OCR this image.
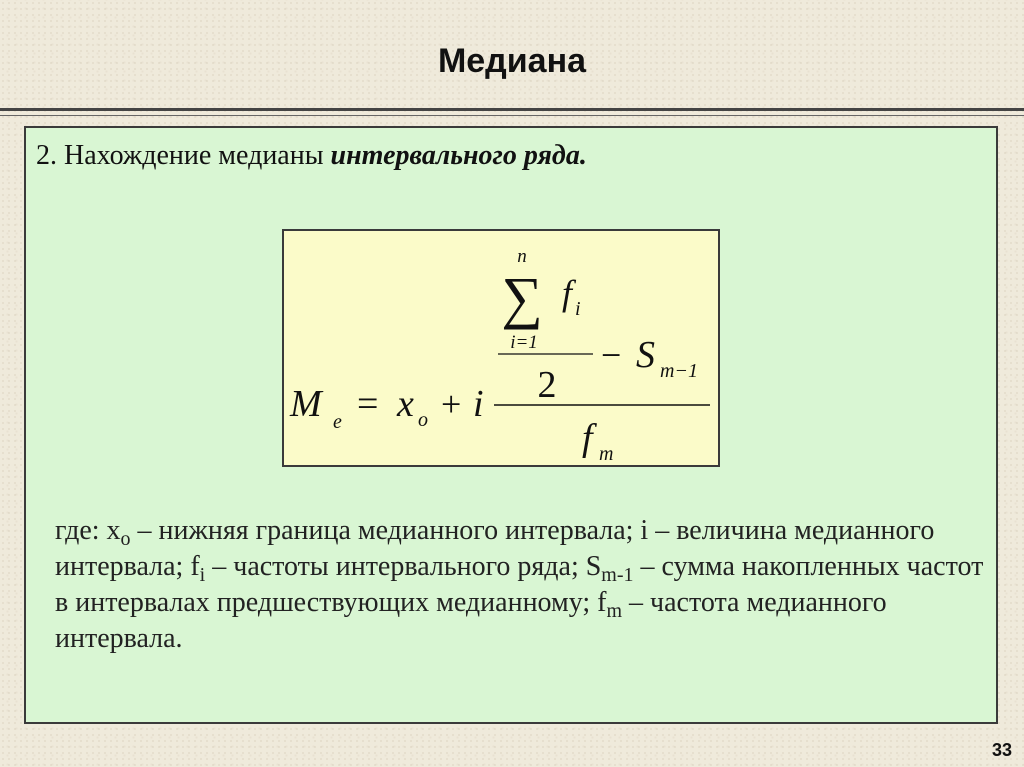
Медиана
2. Нахождение медианы интервального ряда.
n
∑ f i
i=1
2
− S m−1
M e = x o + i
f m
где: $x_o$ – нижняя граница медианного интервала; i – величина медианного интервала; $f_i$ – частоты интервального ряда; $S_{m-1}$ – сумма накопленных частот в интервалах предшествующих медианному; $f_m$ – частота медианного интервала.
33
